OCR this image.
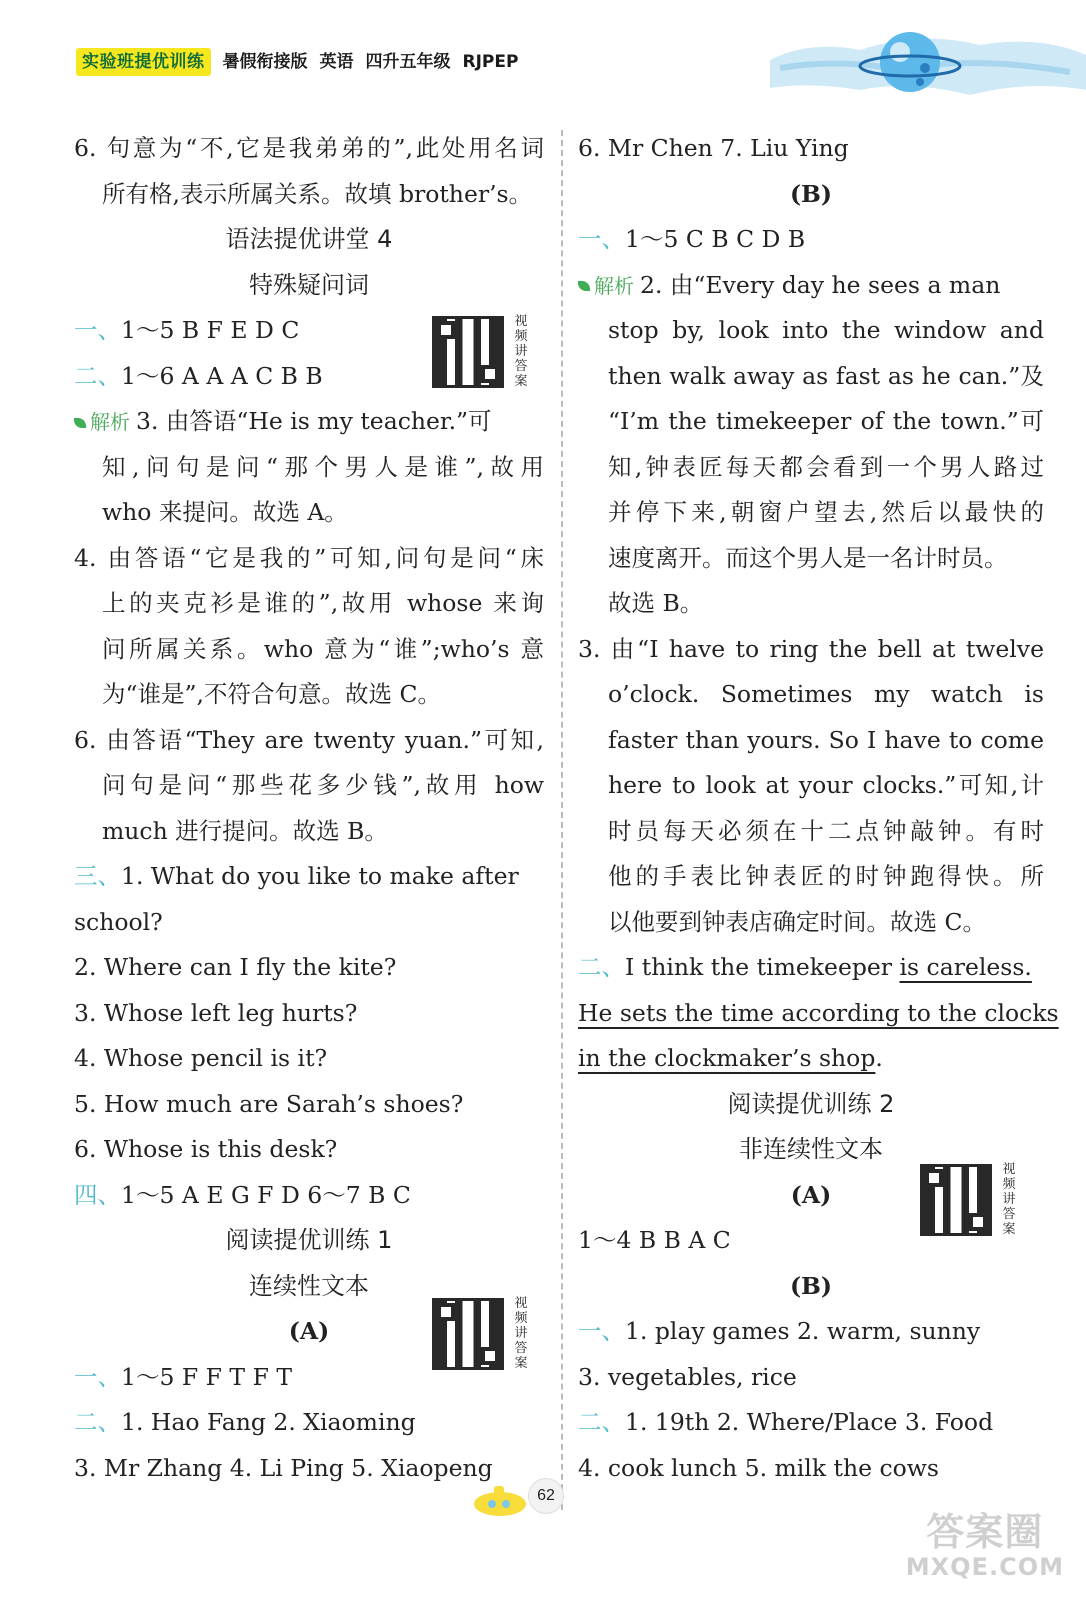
实验班提优训练	暑假衔接版 英语 四升五年级 RJPEP
6. 句意为“不,它是我弟弟的”,此处用名词
所有格,表示所属关系。故填 brother’s。
语法提优讲堂 4
特殊疑问词
一、1～5 B F E D C
二、1～6 A A A C B B
解析 3. 由答语“He is my teacher.”可
知,问句是问“那个男人是谁”,故用
who 来提问。故选 A。
4. 由答语“它是我的”可知,问句是问“床
上的夹克衫是谁的”,故用 whose 来询
问所属关系。who 意为“谁”;who’s 意
为“谁是”,不符合句意。故选 C。
6. 由答语“They are twenty yuan.”可知,
问句是问“那些花多少钱”,故用 how
much 进行提问。故选 B。
三、1. What do you like to make after
school?
2. Where can I fly the kite?
3. Whose left leg hurts?
4. Whose pencil is it?
5. How much are Sarah’s shoes?
6. Whose is this desk?
四、1～5 A E G F D 6～7 B C
阅读提优训练 1
连续性文本
(A)
一、1～5 F F T F T
二、1. Hao Fang 2. Xiaoming
3. Mr Zhang 4. Li Ping 5. Xiaopeng
视频讲答案
视频讲答案
视频讲答案
6. Mr Chen 7. Liu Ying
(B)
一、1～5 C B C D B
解析 2. 由“Every day he sees a man
stop by, look into the window and
then walk away as fast as he can.”及
“I’m the timekeeper of the town.”可
知,钟表匠每天都会看到一个男人路过
并停下来,朝窗户望去,然后以最快的
速度离开。而这个男人是一名计时员。
故选 B。
3. 由“I have to ring the bell at twelve
o’clock. Sometimes my watch is
faster than yours. So I have to come
here to look at your clocks.”可知,计
时员每天必须在十二点钟敲钟。有时
他的手表比钟表匠的时钟跑得快。所
以他要到钟表店确定时间。故选 C。
二、I think the timekeeper is careless.
He sets the time according to the clocks
in the clockmaker’s shop.
阅读提优训练 2
非连续性文本
(A)
1～4 B B A C
(B)
一、1. play games 2. warm, sunny
3. vegetables, rice
二、1. 19th 2. Where/Place 3. Food
4. cook lunch 5. milk the cows
62
答案圈
MXQE.COM
